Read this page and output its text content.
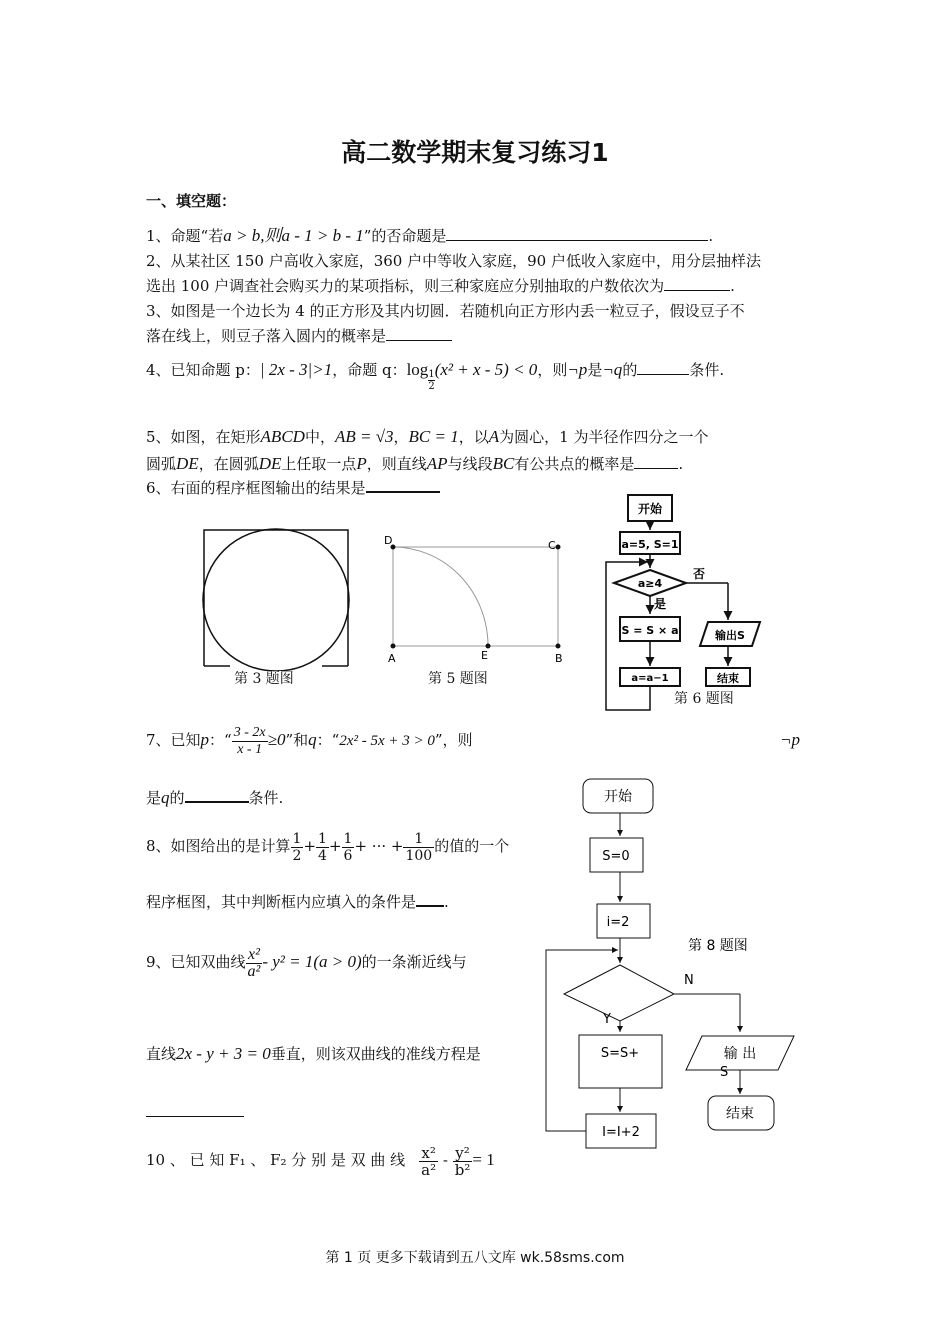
高二数学期末复习练习1
一、填空题：
1、命题“若a > b,则a - 1 > b - 1”的否命题是	.
2、从某社区 150 户高收入家庭，360 户中等收入家庭，90 户低收入家庭中，用分层抽样法
选出 100 户调查社会购买力的某项指标，则三种家庭应分别抽取的户数依次为	.
3、如图是一个边长为 4 的正方形及其内切圆．若随机向正方形内丢一粒豆子，假设豆子不
落在线上，则豆子落入圆内的概率是
4、已知命题 p：| 2x - 3|>1，命题 q：$\log \frac{1}{2} (x^2 + x - 5) < 0$，则¬p是¬q的	条件.
5、如图，在矩形ABCD中，AB = √3，BC = 1，以A为圆心，1 为半径作四分之一个
圆弧DE，在圆弧DE上任取一点P，则直线AP与线段BC有公共点的概率是	.
6、右面的程序框图输出的结果是
第 3 题图
D	C
A	E	B
第 5 题图
开始
a=5, S=1
a≥4
否
是
S = S × a	输出S
a=a−1	结束
第 6 题图
7、已知p：“ $\frac{3 - 2x}{x - 1} \ge 0$”和q：“2x² - 5x + 3 > 0”，则	¬p
是q的	条件.
8、如图给出的是计算 $\frac{1}{2} + \frac{1}{4} + \frac{1}{6}$ + ··· + $\frac{1}{100}$ 的值的一个
程序框图，其中判断框内应填入的条件是 .
9、已知双曲线 $\frac{\text{x²}}{\text{a²}} - y^2 = 1(a > 0)$的一条渐近线与
直线2x - y + 3 = 0垂直，则该双曲线的准线方程是
10 、 已 知 F₁ 、 F₂ 分 别 是 双 曲 线 $\frac{\text{x²}}{\text{a²}} - \frac{\text{y²}}{\text{b²}} = 1$
开始
S=0
i=2
第 8 题图
N
Y
S=S+	输 出
S
结束
I=I+2
第 1 页 更多下载请到五八文库 wk.58sms.com
